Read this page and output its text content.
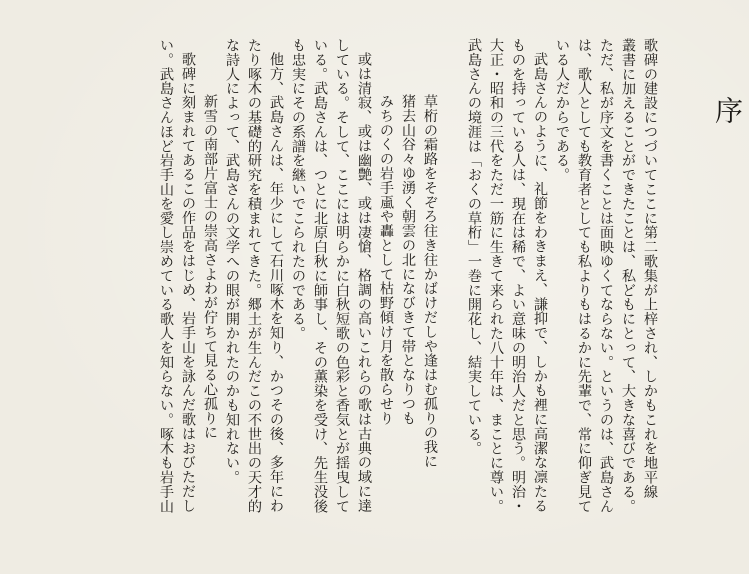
序
歌碑の建設につづいてここに第二歌集が上梓され、しかもこれを地平線
叢書に加えることができたことは、私どもにとって、大きな喜びである。
ただ、私が序文を書くことは面映ゆくてならない。というのは、武島さん
は、歌人としても教育者としても私よりもはるかに先輩で、常に仰ぎ見て
いる人だからである。
武島さんのように、礼節をわきまえ、謙抑で、しかも裡に高潔な凛たる
ものを持っている人は、現在は稀で、よい意味の明治人だと思う。明治・
大正・昭和の三代をただ一筋に生きて来られた八十年は、まことに尊い。
武島さんの境涯は「おくの草桁」一巻に開花し、結実している。
草桁の霜路をそぞろ往き往かばけだしや逢はむ孤りの我に
猪去山谷々ゆ湧く朝雲の北になびきて帯となりつも
みちのくの岩手颪や轟として枯野傾け月を散らせり
或は清寂、或は幽艶、或は凄愴、格調の高いこれらの歌は古典の域に達
している。そして、ここには明らかに白秋短歌の色彩と香気とが揺曳して
いる。武島さんは、つとに北原白秋に師事し、その薫染を受け、先生没後
も忠実にその系譜を継いでこられたのである。
他方、武島さんは、年少にして石川啄木を知り、かつその後、多年にわ
たり啄木の基礎的研究を積まれてきた。郷土が生んだこの不世出の天才的
な詩人によって、武島さんの文学への眼が開かれたのかも知れない。
新雪の南部片富士の崇高さよわが佇ちて見る心孤りに
歌碑に刻まれてあるこの作品をはじめ、岩手山を詠んだ歌はおびただし
い。武島さんほど岩手山を愛し崇めている歌人を知らない。啄木も岩手山
